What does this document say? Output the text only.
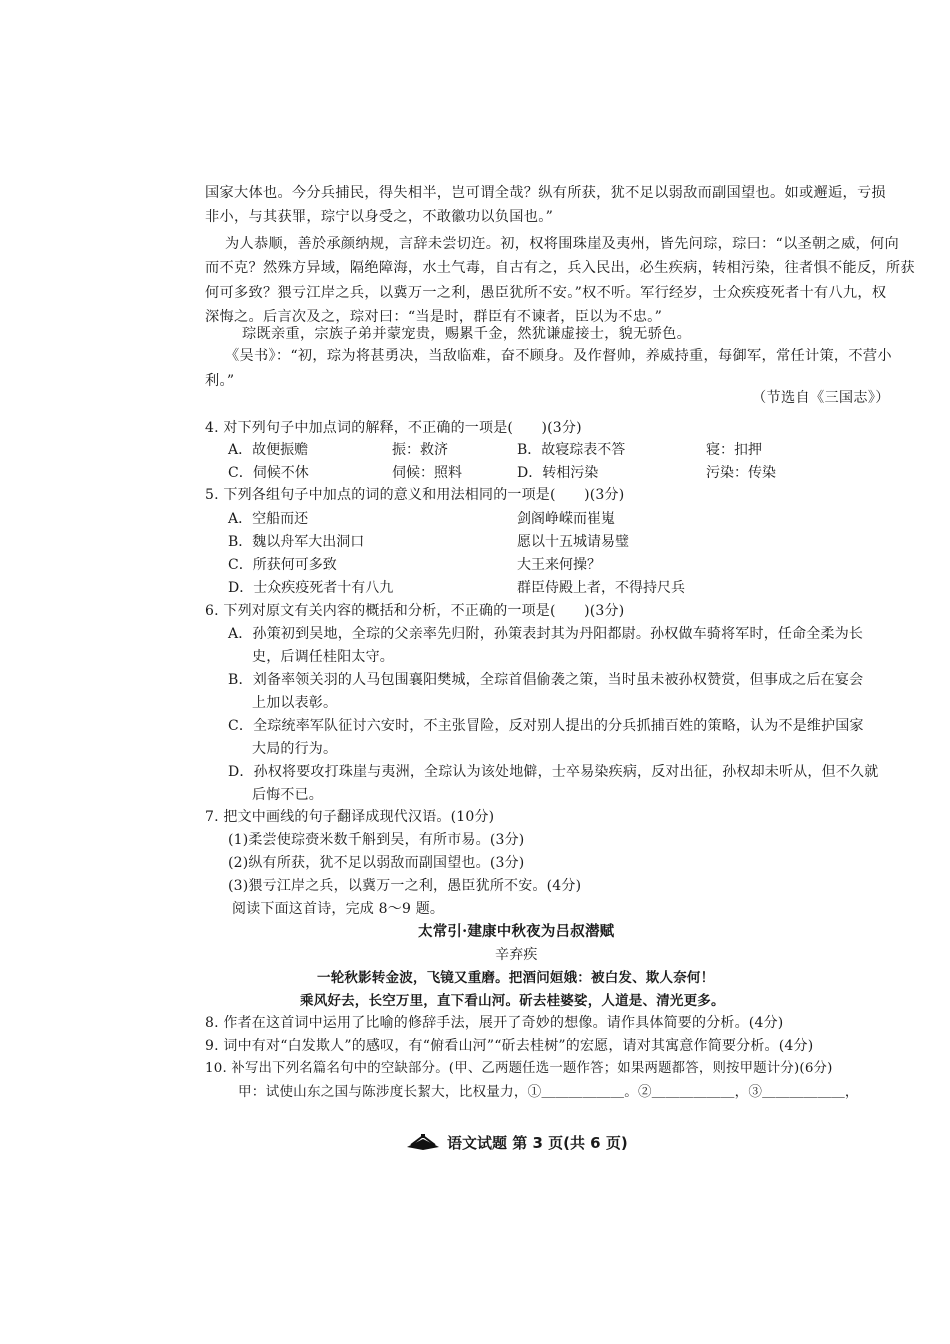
国家大体也。今分兵捕民，得失相半，岂可谓全哉？纵有所获，犹不足以弱敌而副国望也。如或邂逅，亏损
非小，与其获罪，琮宁以身受之，不敢徽功以负国也。”
为人恭顺，善於承颜纳规，言辞未尝切迕。初，权将围珠崖及夷州，皆先问琮，琮曰：“以圣朝之威，何向
而不克？然殊方异域，隔绝障海，水土气毒，自古有之，兵入民出，必生疾病，转相污染，往者惧不能反，所获
何可多致？猥亏江岸之兵，以冀万一之利，愚臣犹所不安。”权不听。军行经岁，士众疾疫死者十有八九，权
深悔之。后言次及之，琮对曰：“当是时，群臣有不谏者，臣以为不忠。”
琮既亲重，宗族子弟并蒙宠贵，赐累千金，然犹谦虚接士，貌无骄色。
《吴书》：“初，琮为将甚勇决，当敌临难，奋不顾身。及作督帅，养威持重，每御军，常任计策，不营小
利。”
（节选自《三国志》）
4. 对下列句子中加点词的解释，不正确的一项是(　　)(3分)
A．故便振赡	振：救济	B．故寝琮表不答	寝：扣押
C．伺候不休	伺候：照料	D．转相污染	污染：传染
5. 下列各组句子中加点的词的意义和用法相同的一项是(　　)(3分)
A．空船而还	剑阁峥嵘而崔嵬
B．魏以舟军大出洞口	愿以十五城请易璧
C．所获何可多致	大王来何操？
D．士众疾疫死者十有八九	群臣侍殿上者，不得持尺兵
6. 下列对原文有关内容的概括和分析，不正确的一项是(　　)(3分)
A．孙策初到吴地，全琮的父亲率先归附，孙策表封其为丹阳都尉。孙权做车骑将军时，任命全柔为长
史，后调任桂阳太守。
B．刘备率领关羽的人马包围襄阳樊城，全琮首倡偷袭之策，当时虽未被孙权赞赏，但事成之后在宴会
上加以表彰。
C．全琮统率军队征讨六安时，不主张冒险，反对别人提出的分兵抓捕百姓的策略，认为不是维护国家
大局的行为。
D．孙权将要攻打珠崖与夷洲，全琮认为该处地僻，士卒易染疾病，反对出征，孙权却未听从，但不久就
后悔不已。
7. 把文中画线的句子翻译成现代汉语。(10分)
(1)柔尝使琮赍米数千斛到吴，有所市易。(3分)
(2)纵有所获，犹不足以弱敌而副国望也。(3分)
(3)猥亏江岸之兵，以冀万一之利，愚臣犹所不安。(4分)
阅读下面这首诗，完成 8～9 题。
太常引·建康中秋夜为吕叔潜赋
辛弃疾
一轮秋影转金波，飞镜又重磨。把酒问姮娥：被白发、欺人奈何！
乘风好去，长空万里，直下看山河。斫去桂婆娑，人道是、清光更多。
8. 作者在这首词中运用了比喻的修辞手法，展开了奇妙的想像。请作具体简要的分析。(4分)
9. 词中有对“白发欺人”的感叹，有“俯看山河”“斫去桂树”的宏愿，请对其寓意作简要分析。(4分)
10. 补写出下列名篇名句中的空缺部分。(甲、乙两题任选一题作答；如果两题都答，则按甲题计分)(6分)
甲：试使山东之国与陈涉度长絜大，比权量力，①＿＿＿＿＿＿。②＿＿＿＿＿＿，③＿＿＿＿＿＿，
语文试题 第 3 页(共 6 页)
